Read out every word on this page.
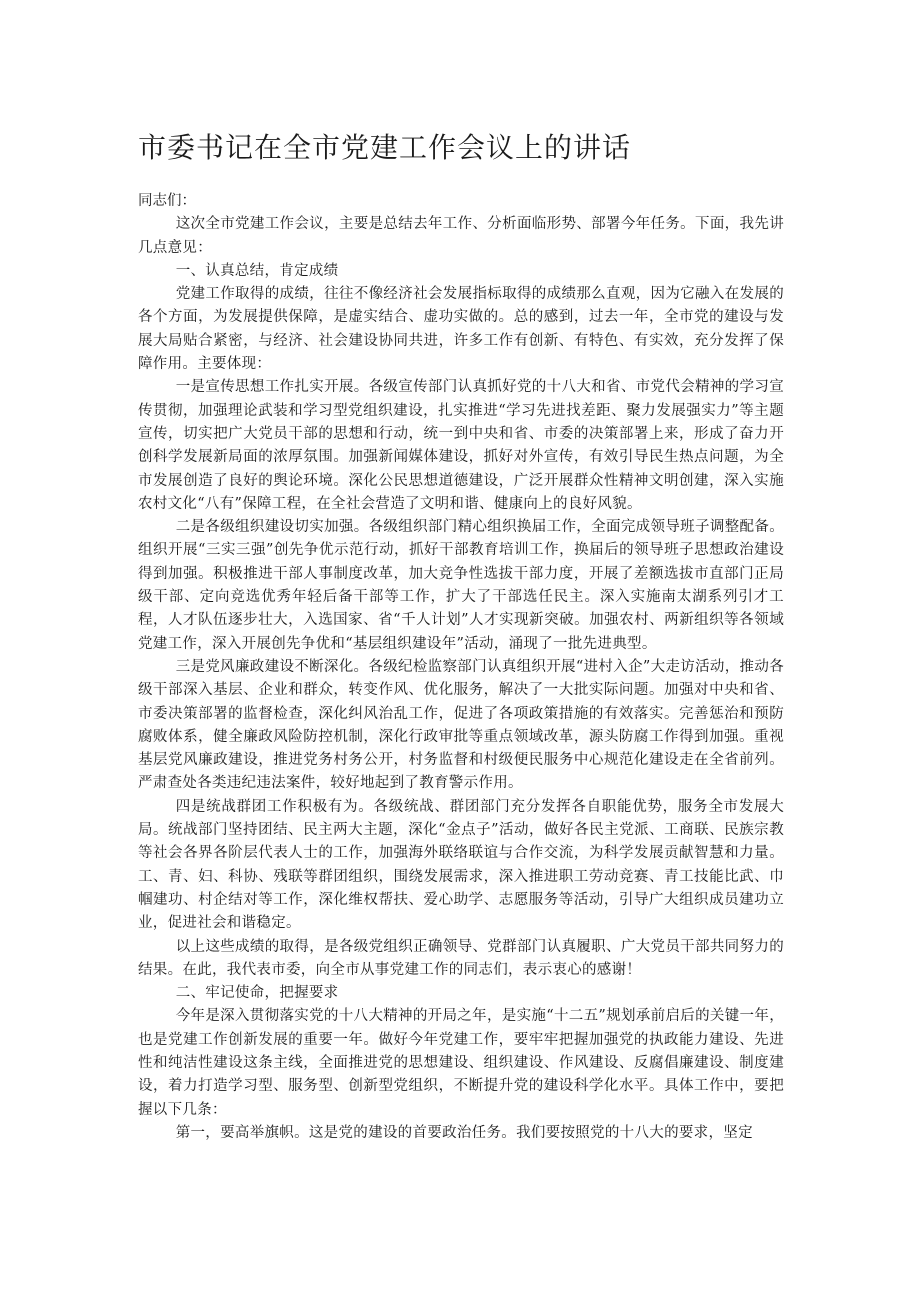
市委书记在全市党建工作会议上的讲话

同志们：

这次全市党建工作会议，主要是总结去年工作、分析面临形势、部署今年任务。下面，我先讲几点意见：

一、认真总结，肯定成绩

党建工作取得的成绩，往往不像经济社会发展指标取得的成绩那么直观，因为它融入在发展的各个方面，为发展提供保障，是虚实结合、虚功实做的。总的感到，过去一年，全市党的建设与发展大局贴合紧密，与经济、社会建设协同共进，许多工作有创新、有特色、有实效，充分发挥了保障作用。主要体现：

一是宣传思想工作扎实开展。各级宣传部门认真抓好党的十八大和省、市党代会精神的学习宣传贯彻，加强理论武装和学习型党组织建设，扎实推进“学习先进找差距、聚力发展强实力”等主题宣传，切实把广大党员干部的思想和行动，统一到中央和省、市委的决策部署上来，形成了奋力开创科学发展新局面的浓厚氛围。加强新闻媒体建设，抓好对外宣传，有效引导民生热点问题，为全市发展创造了良好的舆论环境。深化公民思想道德建设，广泛开展群众性精神文明创建，深入实施农村文化“八有”保障工程，在全社会营造了文明和谐、健康向上的良好风貌。

二是各级组织建设切实加强。各级组织部门精心组织换届工作，全面完成领导班子调整配备。组织开展“三实三强”创先争优示范行动，抓好干部教育培训工作，换届后的领导班子思想政治建设得到加强。积极推进干部人事制度改革，加大竞争性选拔干部力度，开展了差额选拔市直部门正局级干部、定向竞选优秀年轻后备干部等工作，扩大了干部选任民主。深入实施南太湖系列引才工程，人才队伍逐步壮大，入选国家、省“千人计划”人才实现新突破。加强农村、两新组织等各领域党建工作，深入开展创先争优和“基层组织建设年”活动，涌现了一批先进典型。

三是党风廉政建设不断深化。各级纪检监察部门认真组织开展“进村入企”大走访活动，推动各级干部深入基层、企业和群众，转变作风、优化服务，解决了一大批实际问题。加强对中央和省、市委决策部署的监督检查，深化纠风治乱工作，促进了各项政策措施的有效落实。完善惩治和预防腐败体系，健全廉政风险防控机制，深化行政审批等重点领域改革，源头防腐工作得到加强。重视基层党风廉政建设，推进党务村务公开，村务监督和村级便民服务中心规范化建设走在全省前列。严肃查处各类违纪违法案件，较好地起到了教育警示作用。

四是统战群团工作积极有为。各级统战、群团部门充分发挥各自职能优势，服务全市发展大局。统战部门坚持团结、民主两大主题，深化“金点子”活动，做好各民主党派、工商联、民族宗教等社会各界各阶层代表人士的工作，加强海外联络联谊与合作交流，为科学发展贡献智慧和力量。工、青、妇、科协、残联等群团组织，围绕发展需求，深入推进职工劳动竞赛、青工技能比武、巾帼建功、村企结对等工作，深化维权帮扶、爱心助学、志愿服务等活动，引导广大组织成员建功立业，促进社会和谐稳定。

以上这些成绩的取得，是各级党组织正确领导、党群部门认真履职、广大党员干部共同努力的结果。在此，我代表市委，向全市从事党建工作的同志们，表示衷心的感谢！

二、牢记使命，把握要求

今年是深入贯彻落实党的十八大精神的开局之年，是实施“十二五”规划承前启后的关键一年，也是党建工作创新发展的重要一年。做好今年党建工作，要牢牢把握加强党的执政能力建设、先进性和纯洁性建设这条主线，全面推进党的思想建设、组织建设、作风建设、反腐倡廉建设、制度建设，着力打造学习型、服务型、创新型党组织，不断提升党的建设科学化水平。具体工作中，要把握以下几条：

第一，要高举旗帜。这是党的建设的首要政治任务。我们要按照党的十八大的要求，坚定
